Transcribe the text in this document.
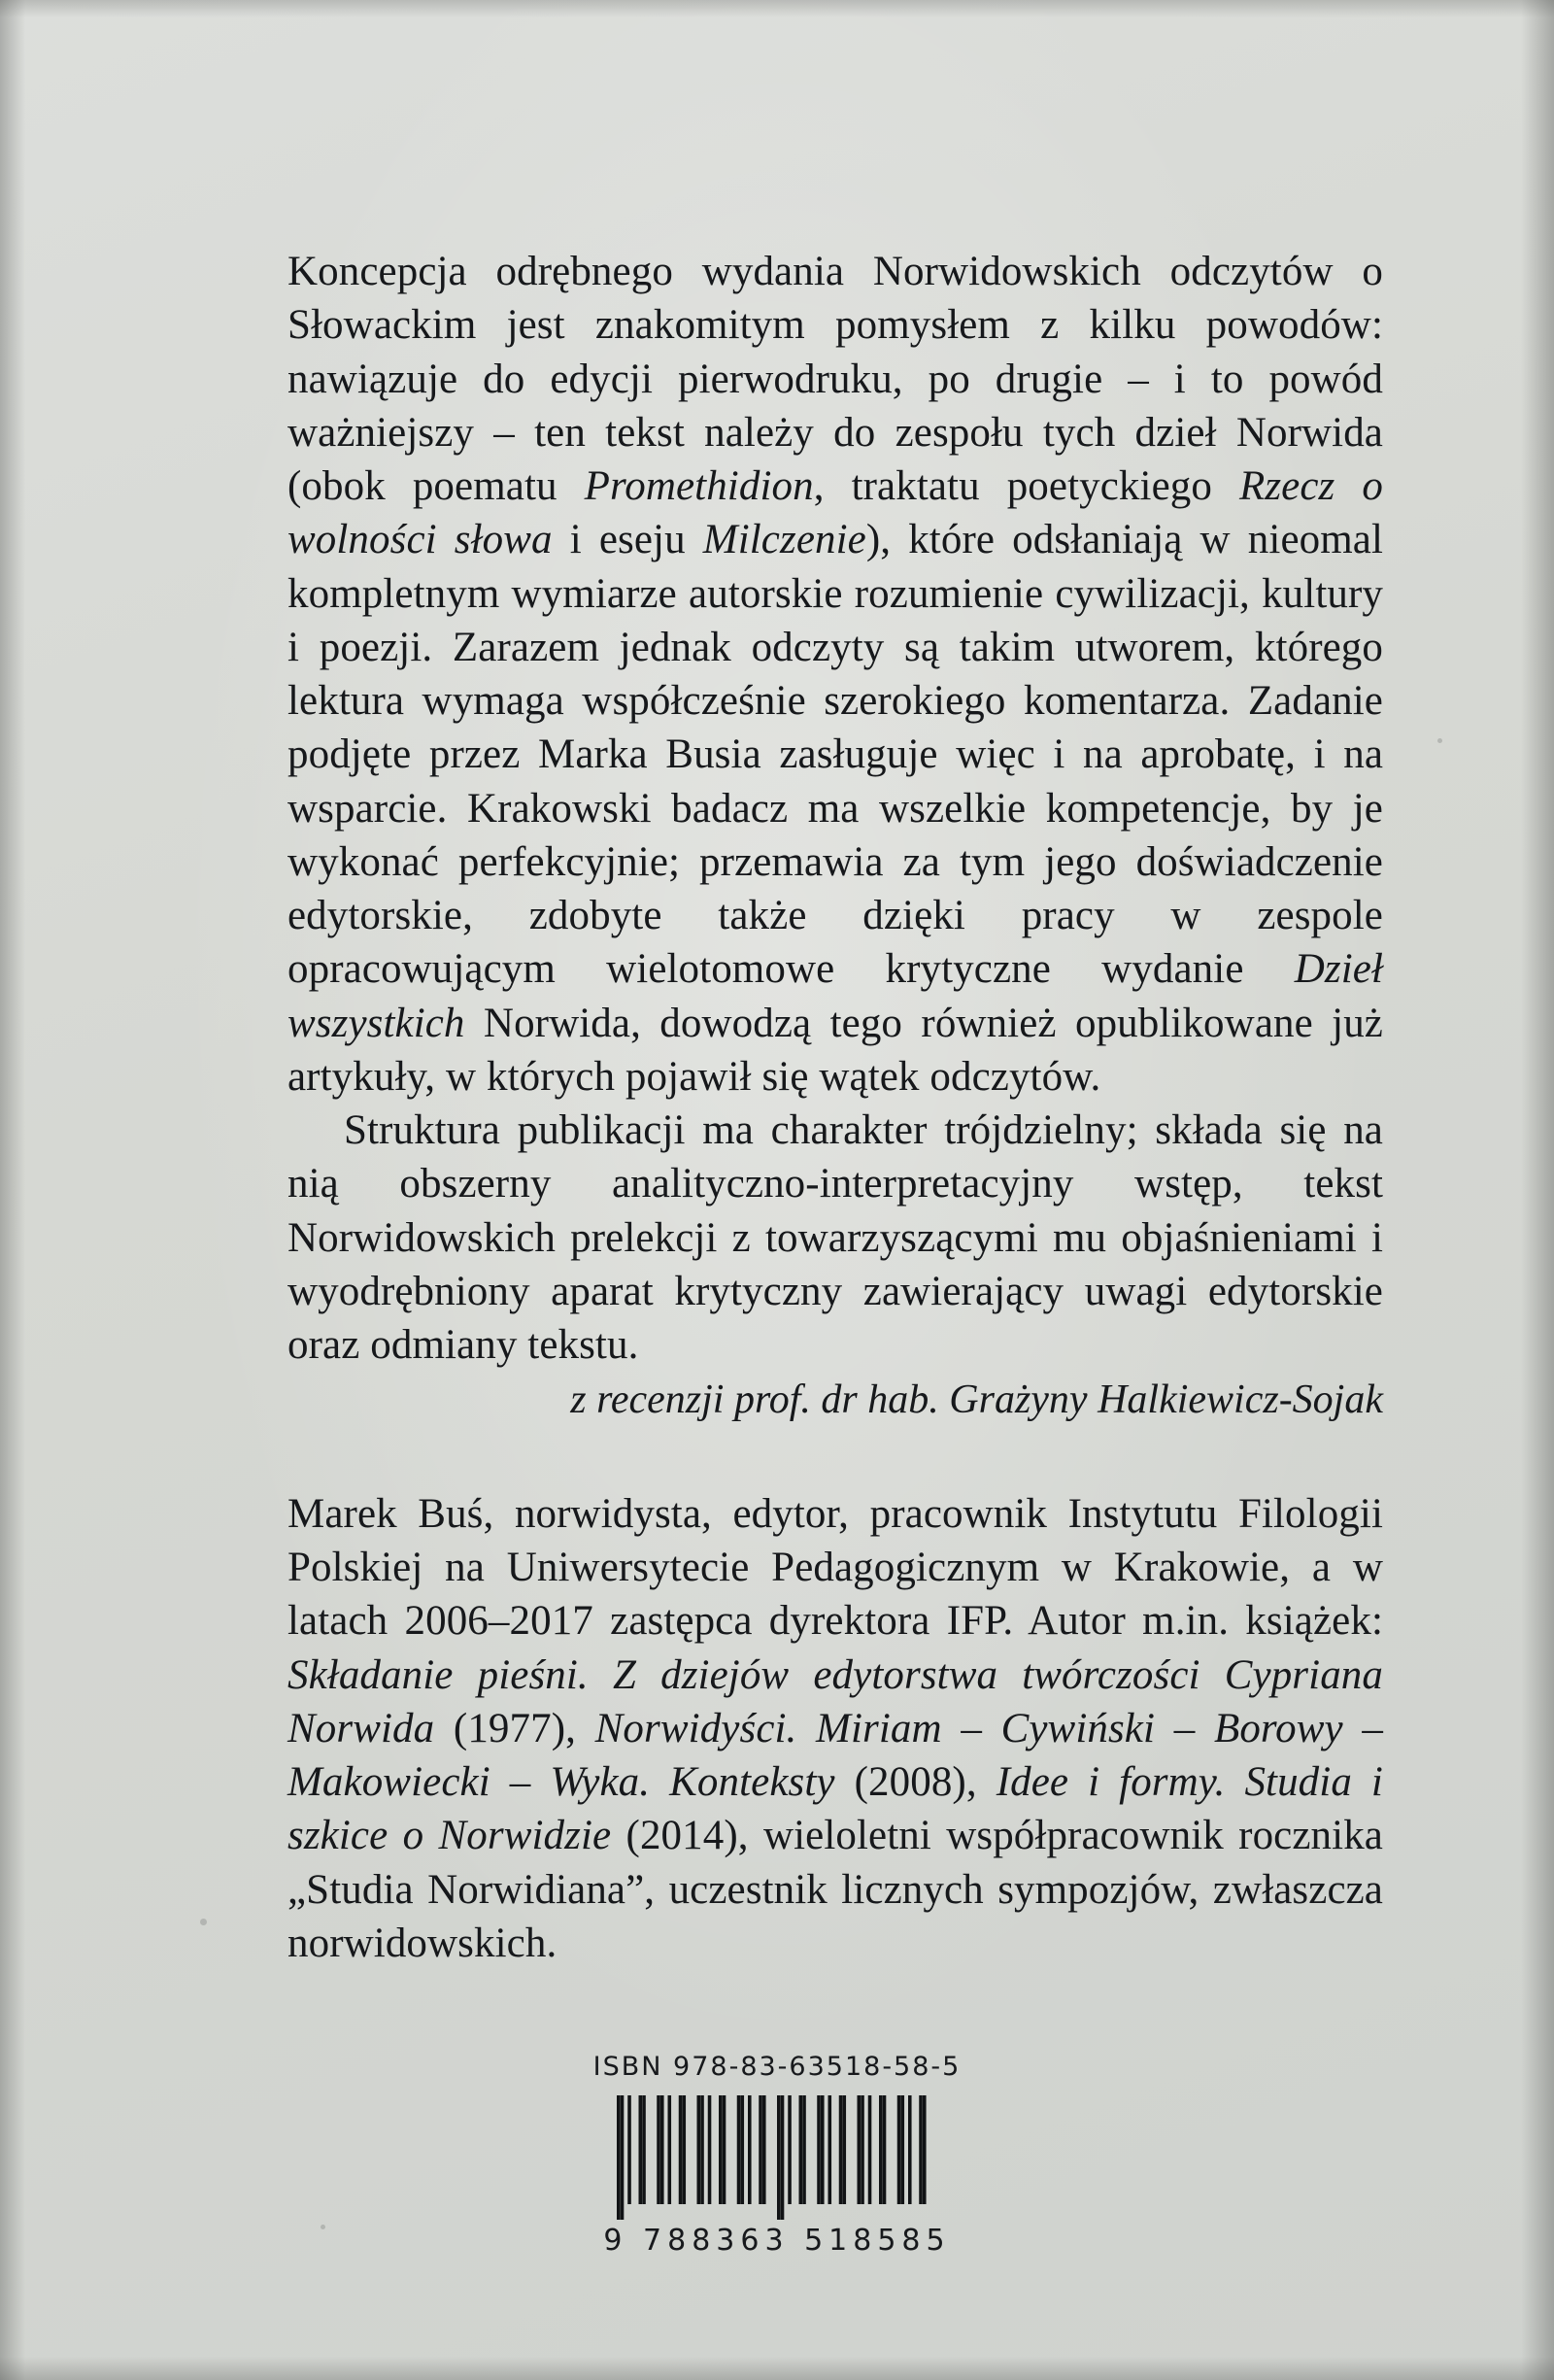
Koncepcja odrębnego wydania Norwidowskich odczytów o Słowackim jest znakomitym pomysłem z kilku powodów: nawiązuje do edycji pierwodruku, po drugie – i to powód ważniejszy – ten tekst należy do zespołu tych dzieł Norwida (obok poematu Promethidion, traktatu poetyckiego Rzecz o wolności słowa i eseju Milczenie), które odsłaniają w nieomal kompletnym wymiarze autorskie rozumienie cywilizacji, kultury i poezji. Zarazem jednak odczyty są takim utworem, którego lektura wymaga współcześnie szerokiego komentarza. Zadanie podjęte przez Marka Busia zasługuje więc i na aprobatę, i na wsparcie. Krakowski badacz ma wszelkie kompetencje, by je wykonać perfekcyjnie; przemawia za tym jego doświadczenie edytorskie, zdobyte także dzięki pracy w zespole opracowującym wielotomowe krytyczne wydanie Dzieł wszystkich Norwida, dowodzą tego również opublikowane już artykuły, w których pojawił się wątek odczytów.

Struktura publikacji ma charakter trójdzielny; składa się na nią obszerny analityczno-interpretacyjny wstęp, tekst Norwidowskich prelekcji z towarzyszącymi mu objaśnieniami i wyodrębniony aparat krytyczny zawierający uwagi edytorskie oraz odmiany tekstu.

z recenzji prof. dr hab. Grażyny Halkiewicz-Sojak

Marek Buś, norwidysta, edytor, pracownik Instytutu Filologii Polskiej na Uniwersytecie Pedagogicznym w Krakowie, a w latach 2006–2017 zastępca dyrektora IFP. Autor m.in. książek: Składanie pieśni. Z dziejów edytorstwa twórczości Cypriana Norwida (1977), Norwidyści. Miriam – Cywiński – Borowy – Makowiecki – Wyka. Konteksty (2008), Idee i formy. Studia i szkice o Norwidzie (2014), wieloletni współpracownik rocznika „Studia Norwidiana”, uczestnik licznych sympozjów, zwłaszcza norwidowskich.

ISBN 978-83-63518-58-5
9 788363 518585
